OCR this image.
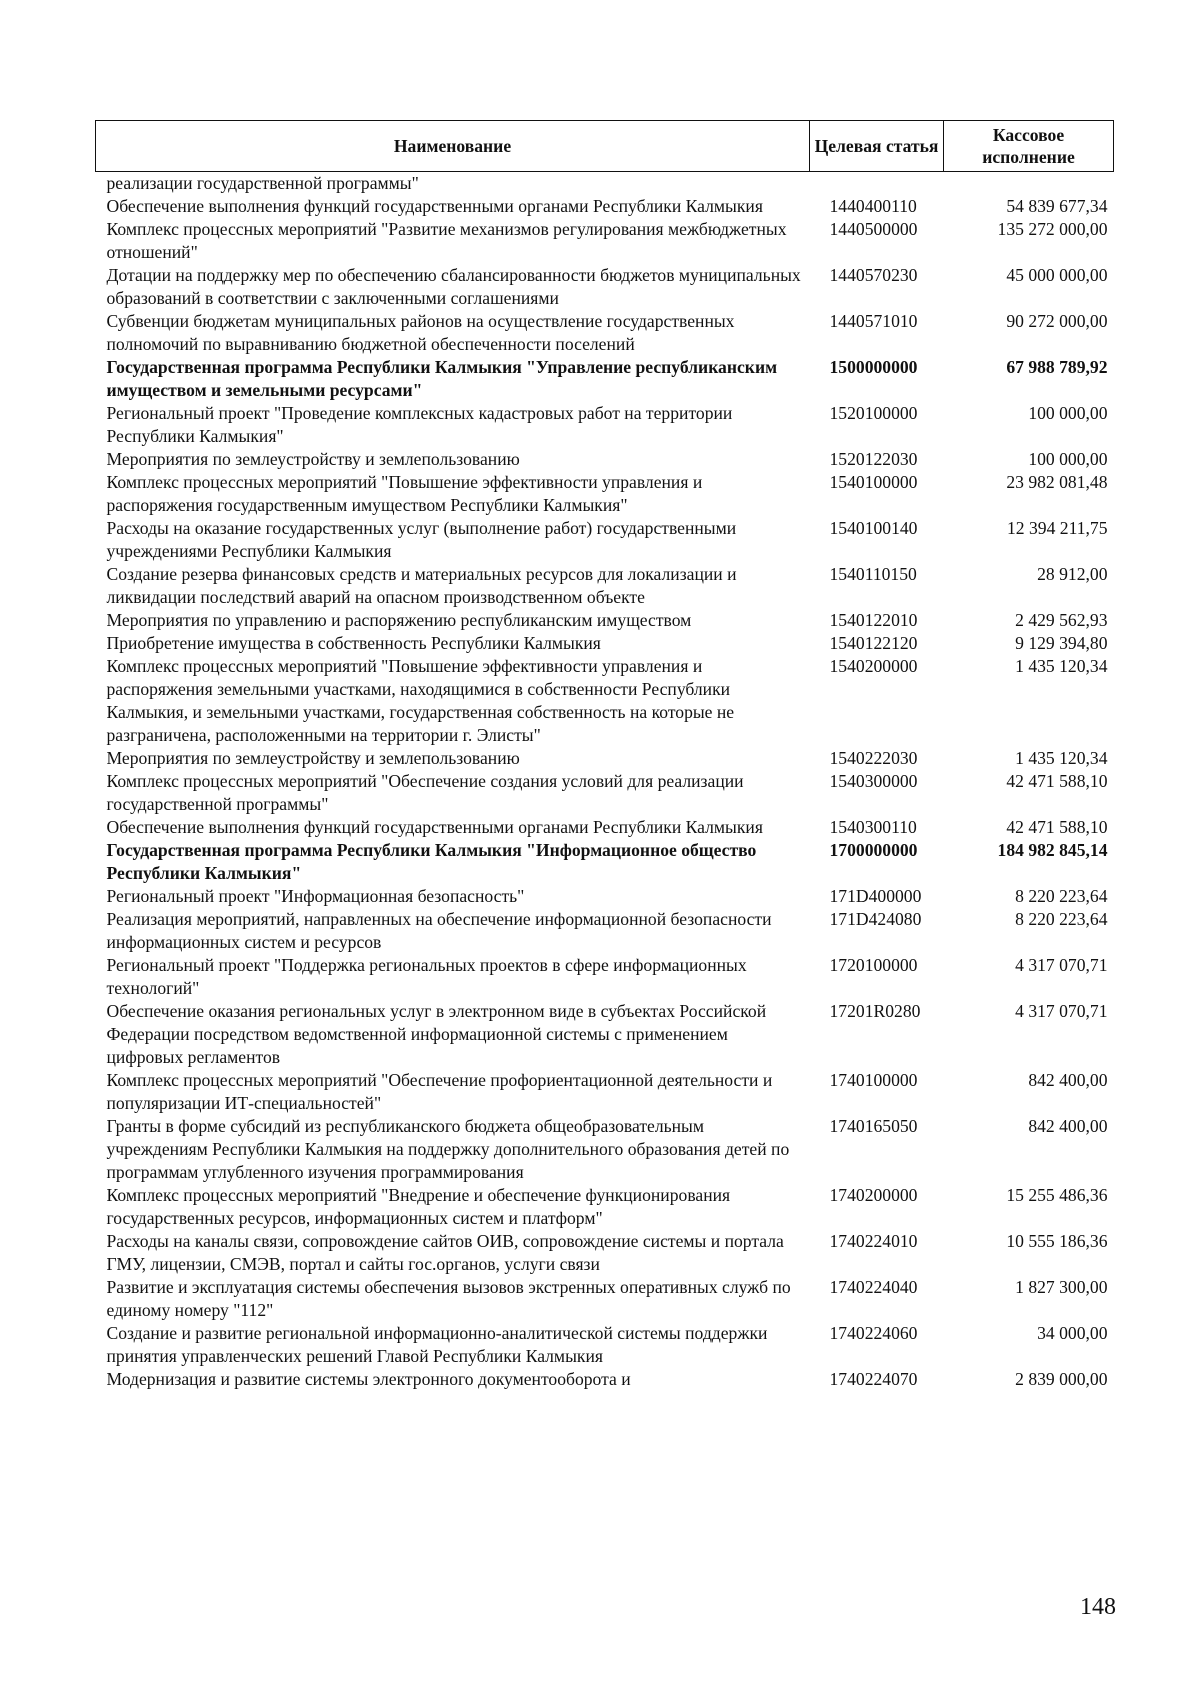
Наименование	Целевая статья	Кассовое исполнение
реализации государственной программы"		
Обеспечение выполнения функций государственными органами Республики Калмыкия	1440400110	54 839 677,34
Комплекс процессных мероприятий "Развитие механизмов регулирования межбюджетных отношений"	1440500000	135 272 000,00
Дотации на поддержку мер по обеспечению сбалансированности бюджетов муниципальных образований в соответствии с заключенными соглашениями	1440570230	45 000 000,00
Субвенции бюджетам муниципальных районов на осуществление государственных полномочий по выравниванию бюджетной обеспеченности поселений	1440571010	90 272 000,00
Государственная программа Республики Калмыкия "Управление республиканским имуществом и земельными ресурсами"	1500000000	67 988 789,92
Региональный проект "Проведение комплексных кадастровых работ на территории Республики Калмыкия"	1520100000	100 000,00
Мероприятия по землеустройству и землепользованию	1520122030	100 000,00
Комплекс процессных мероприятий "Повышение эффективности управления и распоряжения государственным имуществом Республики Калмыкия"	1540100000	23 982 081,48
Расходы на оказание государственных услуг (выполнение работ) государственными учреждениями Республики Калмыкия	1540100140	12 394 211,75
Создание резерва финансовых средств и материальных ресурсов для локализации и ликвидации последствий аварий на опасном производственном объекте	1540110150	28 912,00
Мероприятия по управлению и распоряжению республиканским имуществом	1540122010	2 429 562,93
Приобретение имущества в собственность Республики Калмыкия	1540122120	9 129 394,80
Комплекс процессных мероприятий "Повышение эффективности управления и распоряжения земельными участками, находящимися в собственности Республики Калмыкия, и земельными участками, государственная собственность на которые не разграничена, расположенными на территории г. Элисты"	1540200000	1 435 120,34
Мероприятия по землеустройству и землепользованию	1540222030	1 435 120,34
Комплекс процессных мероприятий "Обеспечение создания условий для реализации государственной программы"	1540300000	42 471 588,10
Обеспечение выполнения функций государственными органами Республики Калмыкия	1540300110	42 471 588,10
Государственная программа Республики Калмыкия "Информационное общество Республики Калмыкия"	1700000000	184 982 845,14
Региональный проект "Информационная безопасность"	171D400000	8 220 223,64
Реализация мероприятий, направленных на обеспечение информационной безопасности информационных систем и ресурсов	171D424080	8 220 223,64
Региональный проект "Поддержка региональных проектов в сфере информационных технологий"	1720100000	4 317 070,71
Обеспечение оказания региональных услуг в электронном виде в субъектах Российской Федерации посредством ведомственной информационной системы с применением цифровых регламентов	17201R0280	4 317 070,71
Комплекс процессных мероприятий "Обеспечение профориентационной деятельности и популяризации ИТ-специальностей"	1740100000	842 400,00
Гранты в форме субсидий из республиканского бюджета общеобразовательным учреждениям Республики Калмыкия на поддержку дополнительного образования детей по программам углубленного изучения программирования	1740165050	842 400,00
Комплекс процессных мероприятий "Внедрение и обеспечение функционирования государственных ресурсов, информационных систем и платформ"	1740200000	15 255 486,36
Расходы на каналы связи, сопровождение сайтов ОИВ, сопровождение системы и портала ГМУ, лицензии, СМЭВ, портал и сайты гос.органов, услуги связи	1740224010	10 555 186,36
Развитие и эксплуатация системы обеспечения вызовов экстренных оперативных служб по единому номеру "112"	1740224040	1 827 300,00
Создание и развитие региональной информационно-аналитической системы поддержки принятия управленческих решений Главой Республики Калмыкия	1740224060	34 000,00
Модернизация и развитие системы электронного документооборота и	1740224070	2 839 000,00
148
